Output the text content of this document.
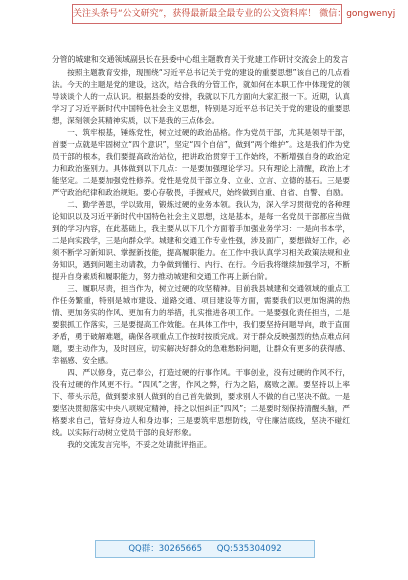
关注头条号“公文研究”，获得最新最全最专业的公文资料库！ 微信：gongwenyj

分管的城建和交通领域副县长在县委中心组主题教育关于党建工作研讨交流会上的发言

按照主题教育安排，现围绕“习近平总书记关于党的建设的重要思想”该自己的几点看法。今天的主题是党的建设，这次，结合我的分管工作，就如何在本职工作中体现党的领导谈谈个人的一点认识。根据县委的安排，我就以下几方面向大家汇报一下。近期，认真学习了习近平新时代中国特色社会主义思想，特别是习近平总书记关于党的建设的重要思想，深刻领会其精神实质，以下是我的三点体会。

一、筑牢根基，锤炼党性，树立过硬的政治品格。作为党员干部，尤其是领导干部，首要一点就是牢固树立“四个意识”，坚定“四个自信”，做到“两个维护”。这是我们作为党员干部的根本，我们要提高政治站位，把讲政治贯穿于工作始终，不断增强自身的政治定力和政治鉴别力。具体做到以下几点：一是要加强理论学习。只有理论上清醒，政治上才能坚定。二是要加强党性修养。党性是党员干部立身、立业、立言、立德的基石。三是要严守政治纪律和政治规矩。要心存敬畏，手握戒尺，始终做到自重、自省、自警、自励。

二、勤学善思，学以致用，锻炼过硬的业务本领。我认为，深入学习贯彻党的各种理论知识以及习近平新时代中国特色社会主义思想，这是基本，是每一名党员干部都应当做到的学习内容，在此基础上，我主要从以下几个方面着手加强业务学习：一是向书本学，二是向实践学，三是向群众学。城建和交通工作专业性强，涉及面广，要想做好工作，必须不断学习新知识、掌握新技能，提高履职能力。在工作中我认真学习相关政策法规和业务知识，遇到问题主动请教，力争做到懂行、内行、在行。今后我将继续加强学习，不断提升自身素质和履职能力，努力推动城建和交通工作再上新台阶。

三、履职尽责，担当作为，树立过硬的攻坚精神。目前我县城建和交通领域的重点工作任务繁重，特别是城市建设、道路交通、项目建设等方面，需要我们以更加饱满的热情、更加务实的作风、更加有力的举措，扎实推进各项工作。一是要强化责任担当，二是要狠抓工作落实，三是要提高工作效能。在具体工作中，我们要坚持问题导向，敢于直面矛盾，勇于破解难题，确保各项重点工作按时按质完成。对于群众反映强烈的热点难点问题，要主动作为，及时回应，切实解决好群众的急难愁盼问题，让群众有更多的获得感、幸福感、安全感。

四、严以修身，克己奉公，打造过硬的行事作风。干事创业，没有过硬的作风不行，没有过硬的作风更不行。“四风”之害，作风之弊，行为之陷，腐败之源。要坚持以上率下、带头示范，做到要求别人做到的自己首先做到，要求别人不做的自己坚决不做。一是要坚决贯彻落实中央八项规定精神，持之以恒纠正“四风”；二是要时刻保持清醒头脑，严格要求自己，管好身边人和身边事；三是要筑牢思想防线，守住廉洁底线，坚决不碰红线。以实际行动树立党员干部的良好形象。

我的交流发言完毕，不妥之处请批评指正。

QQ群：30265665 QQ:535304092
